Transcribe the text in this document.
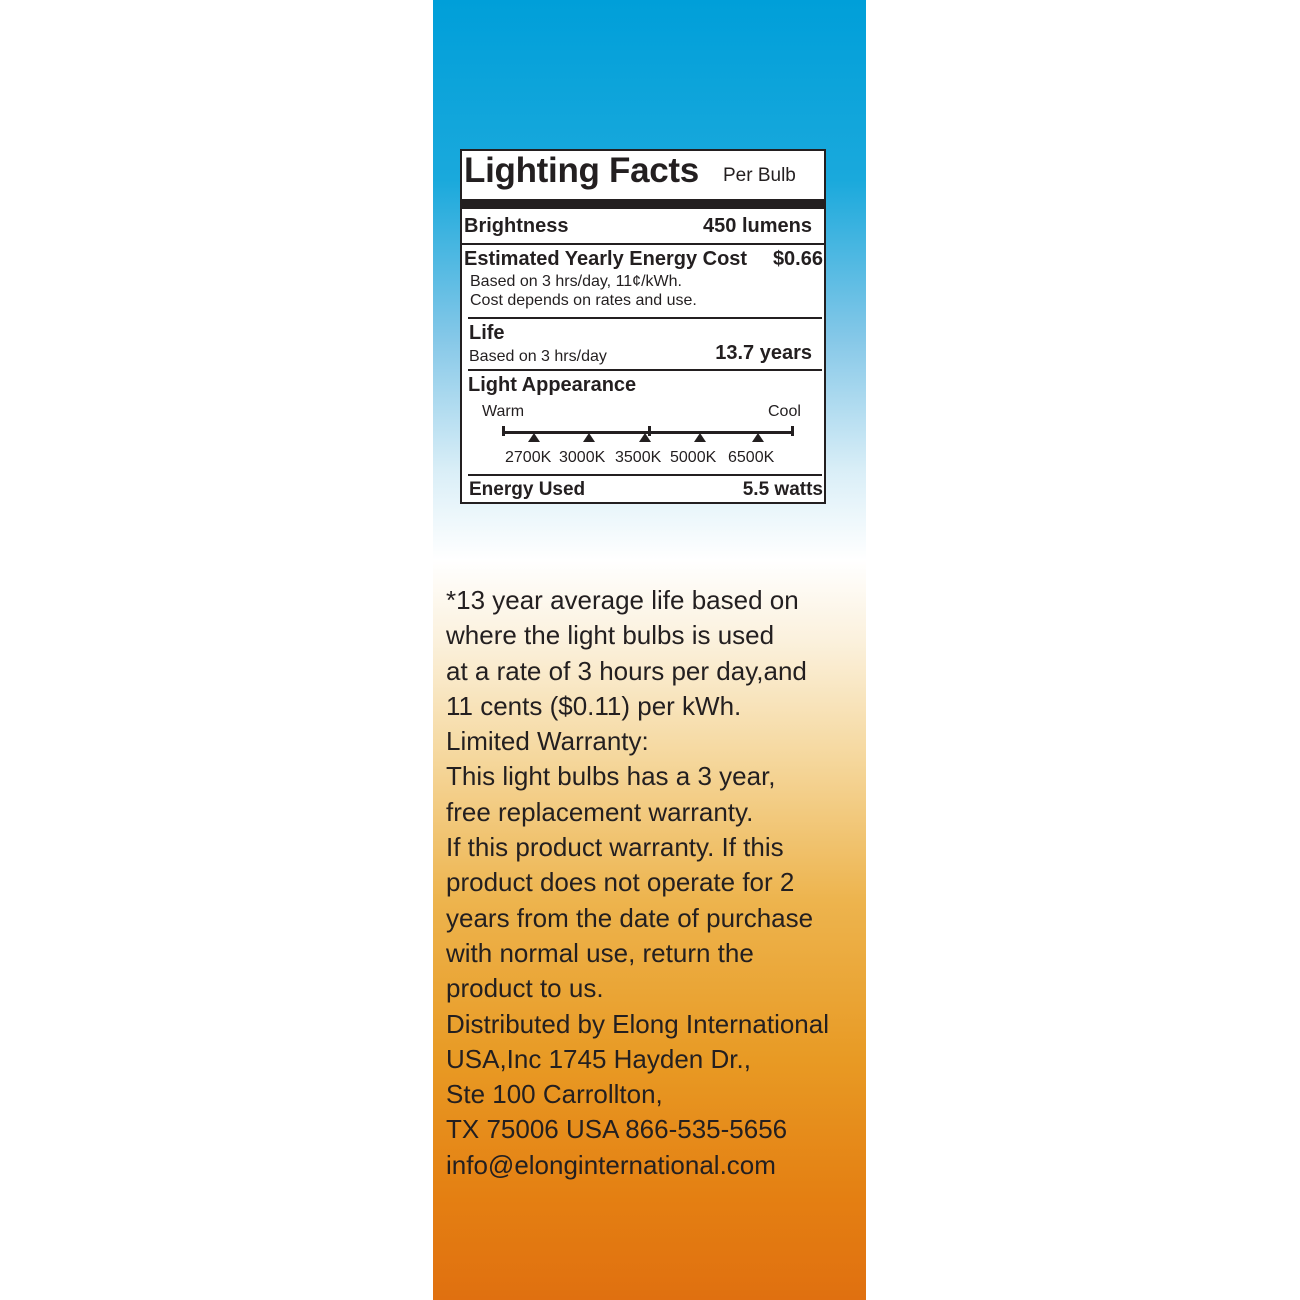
Lighting Facts Per Bulb
Brightness	450 lumens
Estimated Yearly Energy Cost $0.66
Based on 3 hrs/day, 11¢/kWh.
Cost depends on rates and use.
Life
Based on 3 hrs/day	13.7 years
Light Appearance
Warm	Cool
2700K 3000K 3500K 5000K 6500K
Energy Used	5.5 watts
*13 year average life based on
where the light bulbs is used
at a rate of 3 hours per day,and
11 cents ($0.11) per kWh.
Limited Warranty:
This light bulbs has a 3 year,
free replacement warranty.
If this product warranty. If this
product does not operate for 2
years from the date of purchase
with normal use, return the
product to us.
Distributed by Elong International
USA,Inc 1745 Hayden Dr.,
Ste 100 Carrollton,
TX 75006 USA 866-535-5656
info@elonginternational.com
